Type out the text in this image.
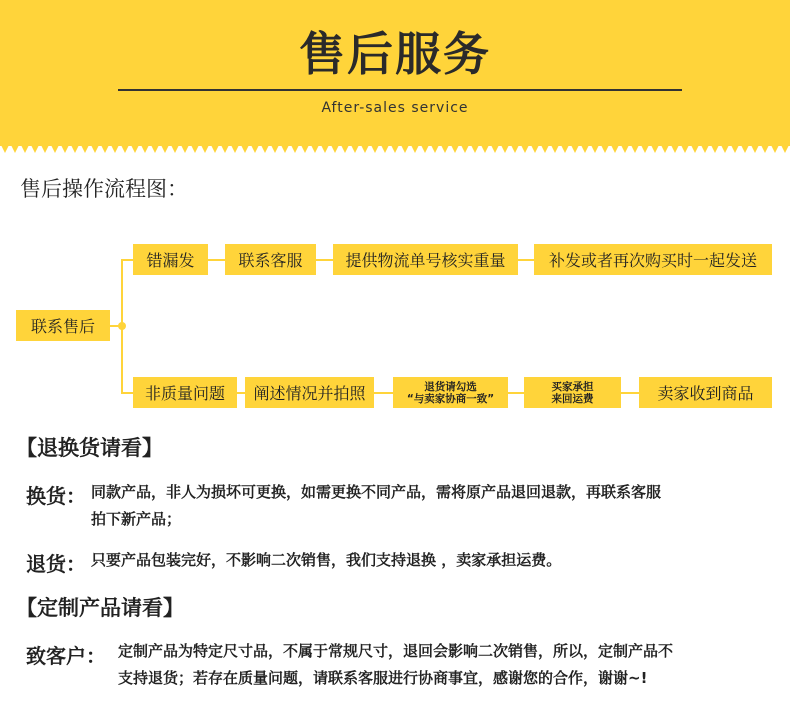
售后服务
After-sales service
售后操作流程图：
联系售后
错漏发	联系客服	提供物流单号核实重量	补发或者再次购买时一起发送
非质量问题	阐述情况并拍照	退货请勾选
“与卖家协商一致”
买家承担
来回运费	卖家收到商品
【退换货请看】
换货： 同款产品，非人为损坏可更换，如需更换不同产品，需将原产品退回退款，再联系客服
拍下新产品；
退货： 只要产品包装完好，不影响二次销售，我们支持退换 ，卖家承担运费。
【定制产品请看】
致客户： 定制产品为特定尺寸品，不属于常规尺寸，退回会影响二次销售，所以，定制产品不
支持退货；若存在质量问题，请联系客服进行协商事宜，感谢您的合作，谢谢~!
